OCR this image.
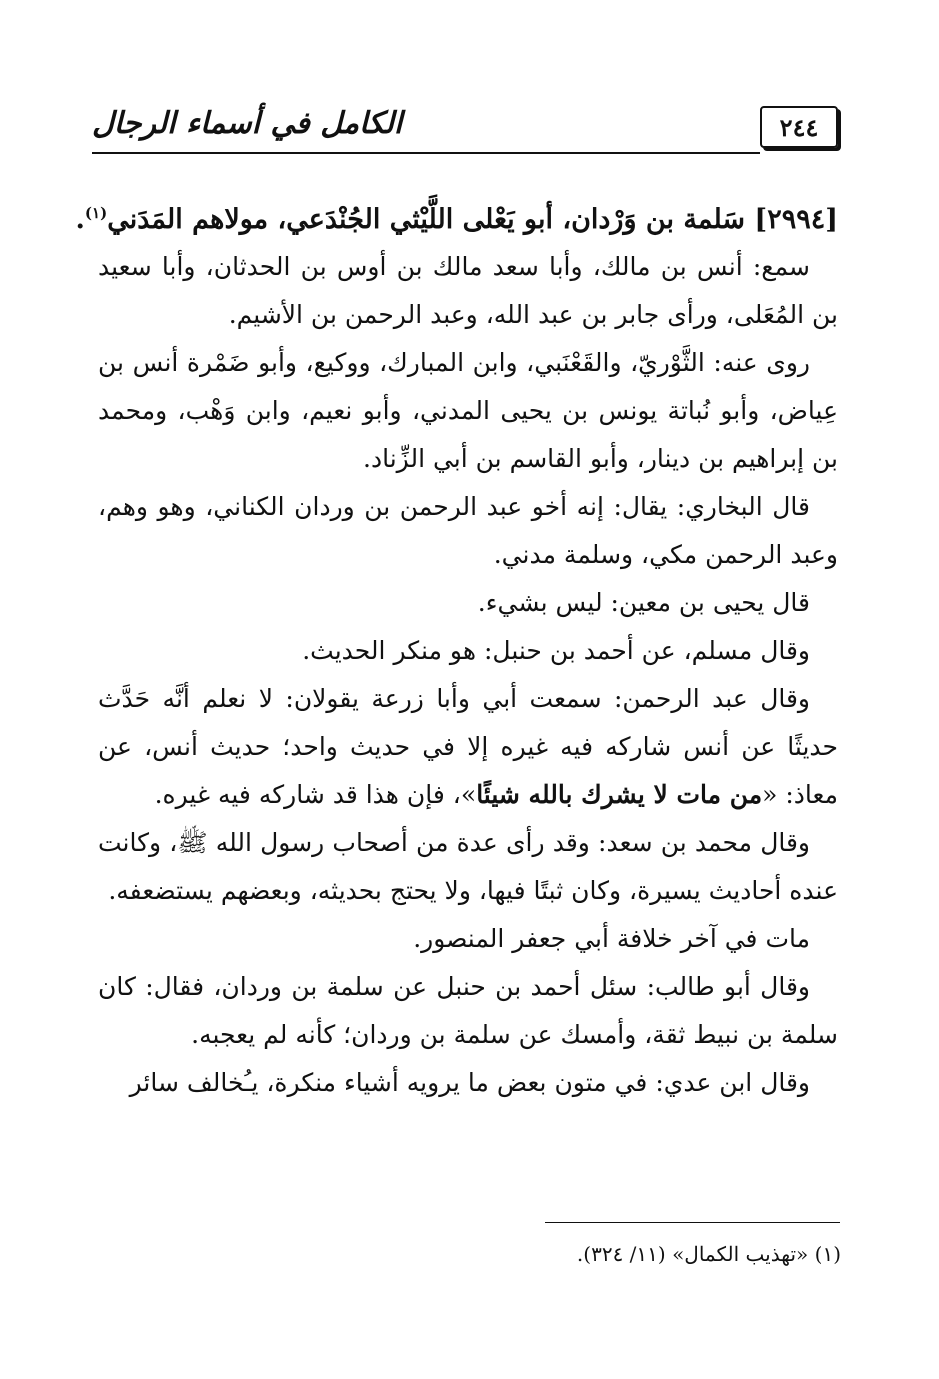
٢٤٤
الكامل في أسماء الرجال

[٢٩٩٤] سَلمة بن وَرْدان، أبو يَعْلى اللَّيْثي الجُنْدَعي، مولاهم المَدَني$^{(١)}$.

سمع: أنس بن مالك، وأبا سعد مالك بن أوس بن الحدثان، وأبا سعيد بن المُعَلى، ورأى جابر بن عبد الله، وعبد الرحمن بن الأشيم.

روى عنه: الثَّوْريّ، والقَعْنَبي، وابن المبارك، ووكيع، وأبو ضَمْرة أنس بن عِياض، وأبو نُباتة يونس بن يحيى المدني، وأبو نعيم، وابن وَهْب، ومحمد بن إبراهيم بن دينار، وأبو القاسم بن أبي الزِّناد.

قال البخاري: يقال: إنه أخو عبد الرحمن بن وردان الكناني، وهو وهم، وعبد الرحمن مكي، وسلمة مدني.

قال يحيى بن معين: ليس بشيء.

وقال مسلم، عن أحمد بن حنبل: هو منكر الحديث.

وقال عبد الرحمن: سمعت أبي وأبا زرعة يقولان: لا نعلم أنَّه حَدَّث حديثًا عن أنس شاركه فيه غيره إلا في حديث واحد؛ حديث أنس، عن معاذ: «من مات لا يشرك بالله شيئًا»، فإن هذا قد شاركه فيه غيره.

وقال محمد بن سعد: وقد رأى عدة من أصحاب رسول الله ﷺ، وكانت عنده أحاديث يسيرة، وكان ثبتًا فيها، ولا يحتج بحديثه، وبعضهم يستضعفه.

مات في آخر خلافة أبي جعفر المنصور.

وقال أبو طالب: سئل أحمد بن حنبل عن سلمة بن وردان، فقال: كان سلمة بن نبيط ثقة، وأمسك عن سلمة بن وردان؛ كأنه لم يعجبه.

وقال ابن عدي: في متون بعض ما يرويه أشياء منكرة، يـُخالف سائر

(١) «تهذيب الكمال» (١١/ ٣٢٤).
